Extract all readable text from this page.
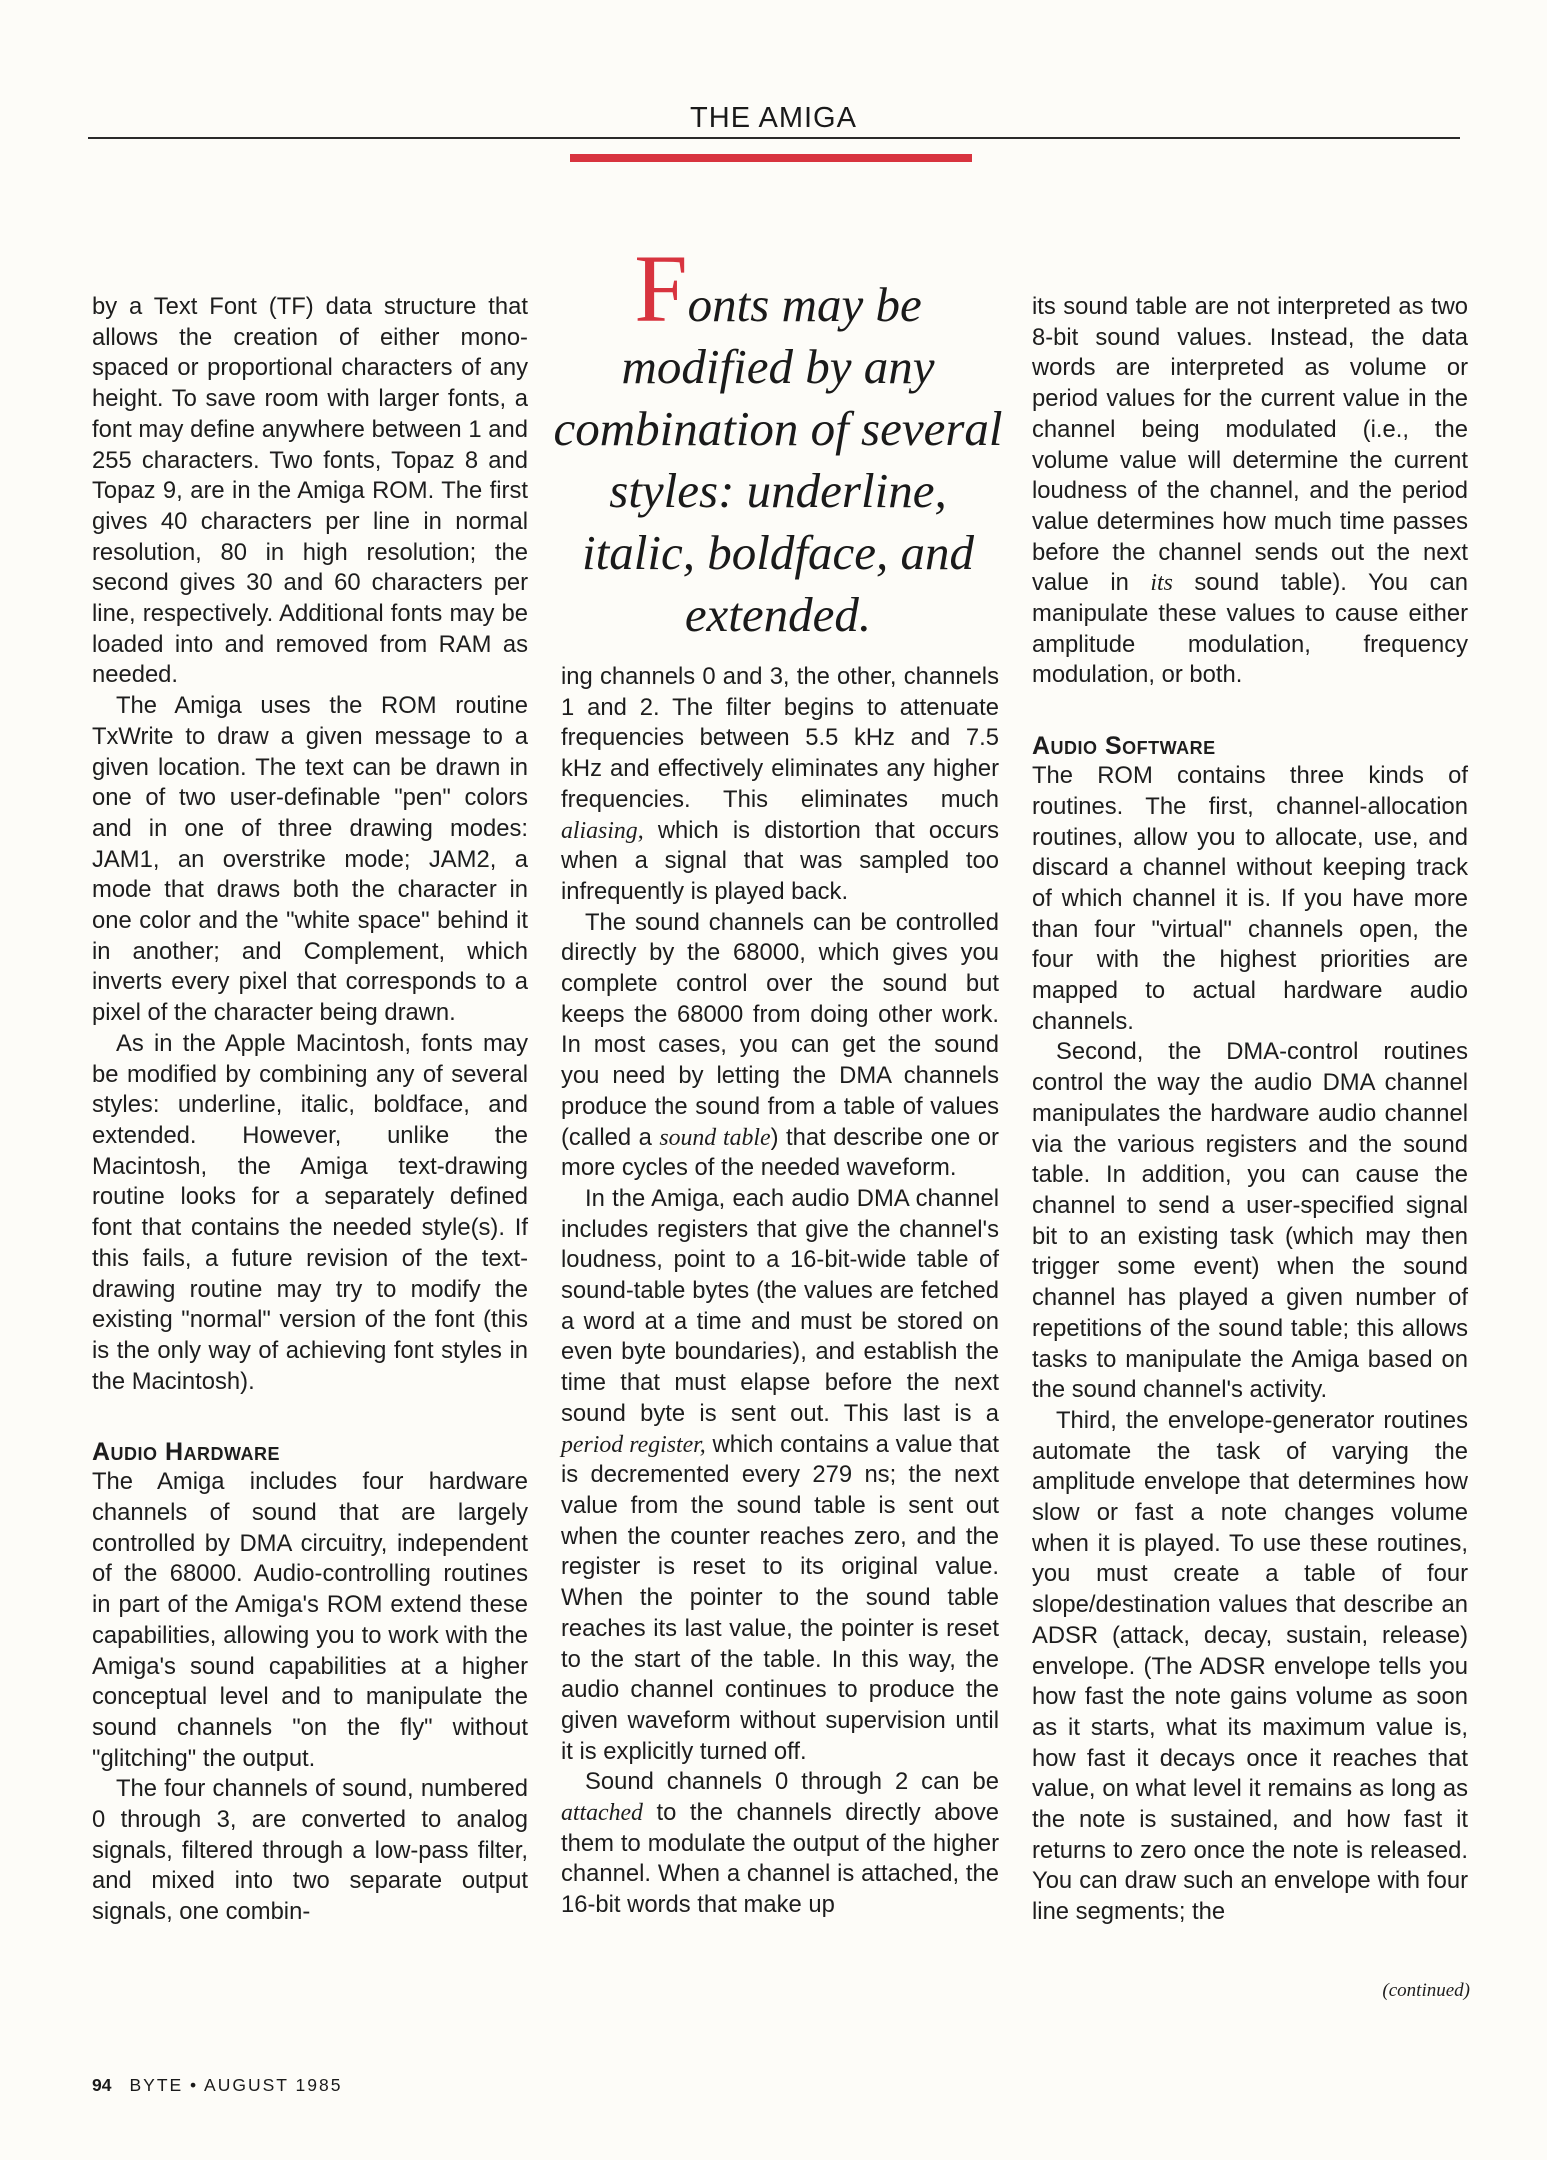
THE AMIGA
Fonts may be modified by any combination of several styles: underline, italic, boldface, and extended.

by a Text Font (TF) data structure that allows the creation of either mono-spaced or proportional characters of any height. To save room with larger fonts, a font may define anywhere between 1 and 255 characters. Two fonts, Topaz 8 and Topaz 9, are in the Amiga ROM. The first gives 40 characters per line in normal resolution, 80 in high resolution; the second gives 30 and 60 characters per line, respectively. Additional fonts may be loaded into and removed from RAM as needed.

The Amiga uses the ROM routine TxWrite to draw a given message to a given location. The text can be drawn in one of two user-definable "pen" colors and in one of three drawing modes: JAM1, an overstrike mode; JAM2, a mode that draws both the character in one color and the "white space" behind it in another; and Complement, which inverts every pixel that corresponds to a pixel of the character being drawn.

As in the Apple Macintosh, fonts may be modified by combining any of several styles: underline, italic, boldface, and extended. However, unlike the Macintosh, the Amiga text-drawing routine looks for a separately defined font that contains the needed style(s). If this fails, a future revision of the text-drawing routine may try to modify the existing "normal" version of the font (this is the only way of achieving font styles in the Macintosh).

Audio Hardware

The Amiga includes four hardware channels of sound that are largely controlled by DMA circuitry, independent of the 68000. Audio-controlling routines in part of the Amiga's ROM extend these capabilities, allowing you to work with the Amiga's sound capabilities at a higher conceptual level and to manipulate the sound channels "on the fly" without "glitching" the output.

The four channels of sound, numbered 0 through 3, are converted to analog signals, filtered through a low-pass filter, and mixed into two separate output signals, one combin-

ing channels 0 and 3, the other, channels 1 and 2. The filter begins to attenuate frequencies between 5.5 kHz and 7.5 kHz and effectively eliminates any higher frequencies. This eliminates much aliasing, which is distortion that occurs when a signal that was sampled too infrequently is played back.

The sound channels can be controlled directly by the 68000, which gives you complete control over the sound but keeps the 68000 from doing other work. In most cases, you can get the sound you need by letting the DMA channels produce the sound from a table of values (called a sound table) that describe one or more cycles of the needed waveform.

In the Amiga, each audio DMA channel includes registers that give the channel's loudness, point to a 16-bit-wide table of sound-table bytes (the values are fetched a word at a time and must be stored on even byte boundaries), and establish the time that must elapse before the next sound byte is sent out. This last is a period register, which contains a value that is decremented every 279 ns; the next value from the sound table is sent out when the counter reaches zero, and the register is reset to its original value. When the pointer to the sound table reaches its last value, the pointer is reset to the start of the table. In this way, the audio channel continues to produce the given waveform without supervision until it is explicitly turned off.

Sound channels 0 through 2 can be attached to the channels directly above them to modulate the output of the higher channel. When a channel is attached, the 16-bit words that make up

its sound table are not interpreted as two 8-bit sound values. Instead, the data words are interpreted as volume or period values for the current value in the channel being modulated (i.e., the volume value will determine the current loudness of the channel, and the period value determines how much time passes before the channel sends out the next value in its sound table). You can manipulate these values to cause either amplitude modulation, frequency modulation, or both.

Audio Software

The ROM contains three kinds of routines. The first, channel-allocation routines, allow you to allocate, use, and discard a channel without keeping track of which channel it is. If you have more than four "virtual" channels open, the four with the highest priorities are mapped to actual hardware audio channels.

Second, the DMA-control routines control the way the audio DMA channel manipulates the hardware audio channel via the various registers and the sound table. In addition, you can cause the channel to send a user-specified signal bit to an existing task (which may then trigger some event) when the sound channel has played a given number of repetitions of the sound table; this allows tasks to manipulate the Amiga based on the sound channel's activity.

Third, the envelope-generator routines automate the task of varying the amplitude envelope that determines how slow or fast a note changes volume when it is played. To use these routines, you must create a table of four slope/destination values that describe an ADSR (attack, decay, sustain, release) envelope. (The ADSR envelope tells you how fast the note gains volume as soon as it starts, what its maximum value is, how fast it decays once it reaches that value, on what level it remains as long as the note is sustained, and how fast it returns to zero once the note is released. You can draw such an envelope with four line segments; the

(continued)
94 BYTE • AUGUST 1985
